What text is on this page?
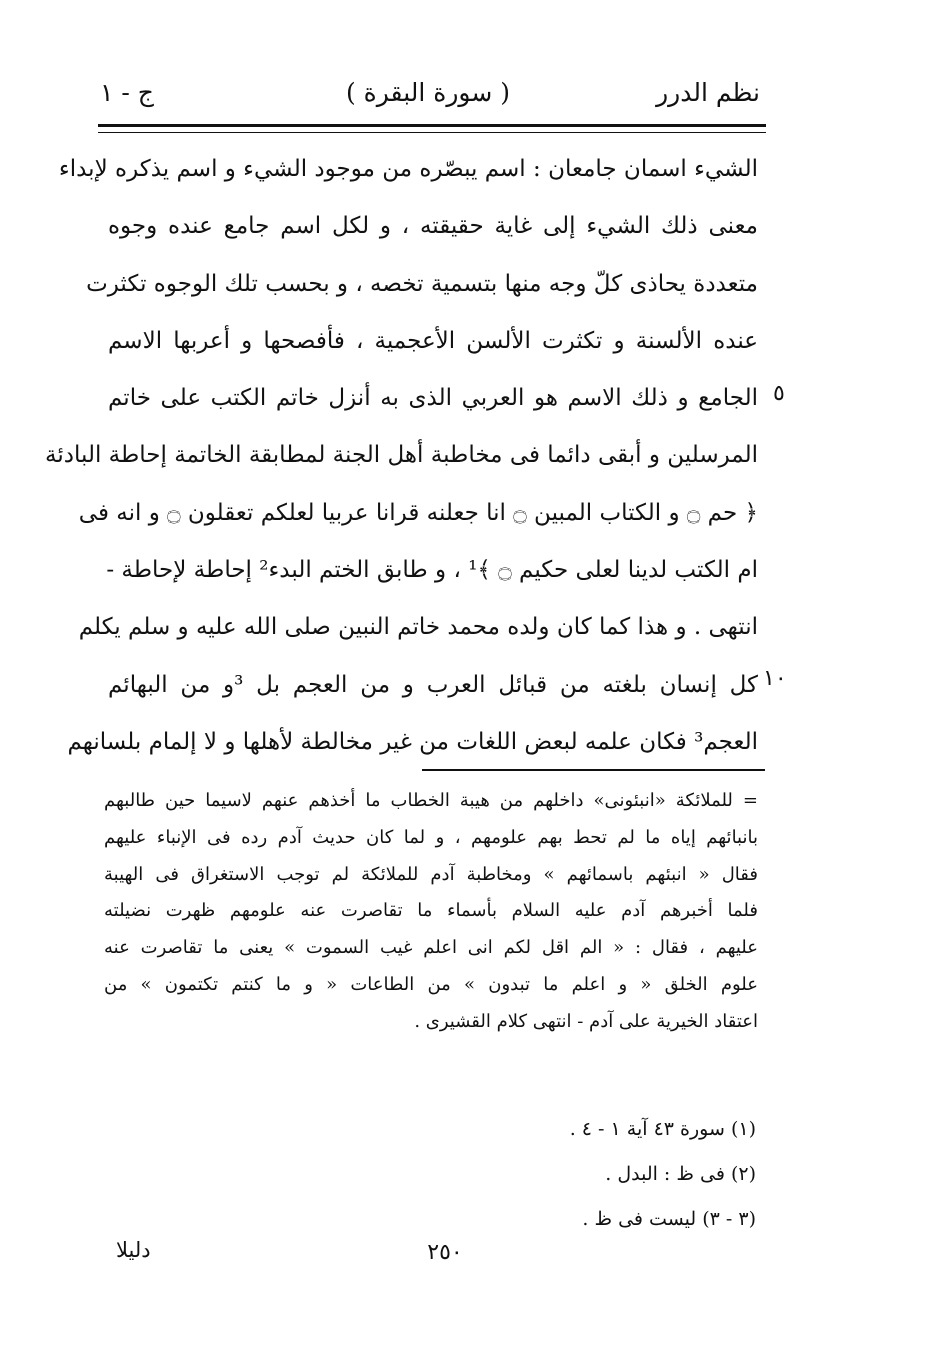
نظم الدرر
( سورة البقرة )
ج - ١
الشيء اسمان جامعان : اسم يبصّره من موجود الشيء و اسم يذكره لإبداء
معنى ذلك الشيء إلى غاية حقيقته ، و لكل اسم جامع عنده وجوه
متعددة يحاذى كلّ وجه منها بتسمية تخصه ، و بحسب تلك الوجوه تكثرت
عنده الألسنة و تكثرت الألسن الأعجمية ، فأفصحها و أعربها الاسم
الجامع و ذلك الاسم هو العربي الذى به أنزل خاتم الكتب على خاتم
المرسلين و أبقى دائما فى مخاطبة أهل الجنة لمطابقة الخاتمة إحاطة البادئة
﴿ حم ۝ و الكتاب المبين ۝ انا جعلنه قرانا عربيا لعلكم تعقلون ۝ و انه فى
ام الكتب لدينا لعلى حكيم ۝ ﴾¹ ، و طابق الختم البدء² إحاطة لإحاطة -
انتهى . و هذا كما كان ولده محمد خاتم النبين صلى الله عليه و سلم يكلم
كل إنسان بلغته من قبائل العرب و من العجم بل ³و من البهائم
العجم³ فكان علمه لبعض اللغات من غير مخالطة لأهلها و لا إلمام بلسانهم
٥
١٠
= للملائكة «انبئونى» داخلهم من هيبة الخطاب ما أخذهم عنهم لاسيما حين طالبهم
بانبائهم إياه ما لم تحط بهم علومهم ، و لما كان حديث آدم رده فى الإنباء عليهم
فقال « انبئهم باسمائهم » ومخاطبة آدم للملائكة لم توجب الاستغراق فى الهيبة
فلما أخبرهم آدم عليه السلام بأسماء ما تقاصرت عنه علومهم ظهرت نضيلته
عليهم ، فقال : « الم اقل لكم انى اعلم غيب السموت » يعنى ما تقاصرت عنه
علوم الخلق « و اعلم ما تبدون » من الطاعات « و ما كنتم تكتمون » من
اعتقاد الخيرية على آدم - انتهى كلام القشيرى .
(١) سورة ٤٣ آية ١ - ٤ .
(٢) فى ظ : البدل .
(٣ - ٣) ليست فى ظ .
٢٥٠
دليلا
